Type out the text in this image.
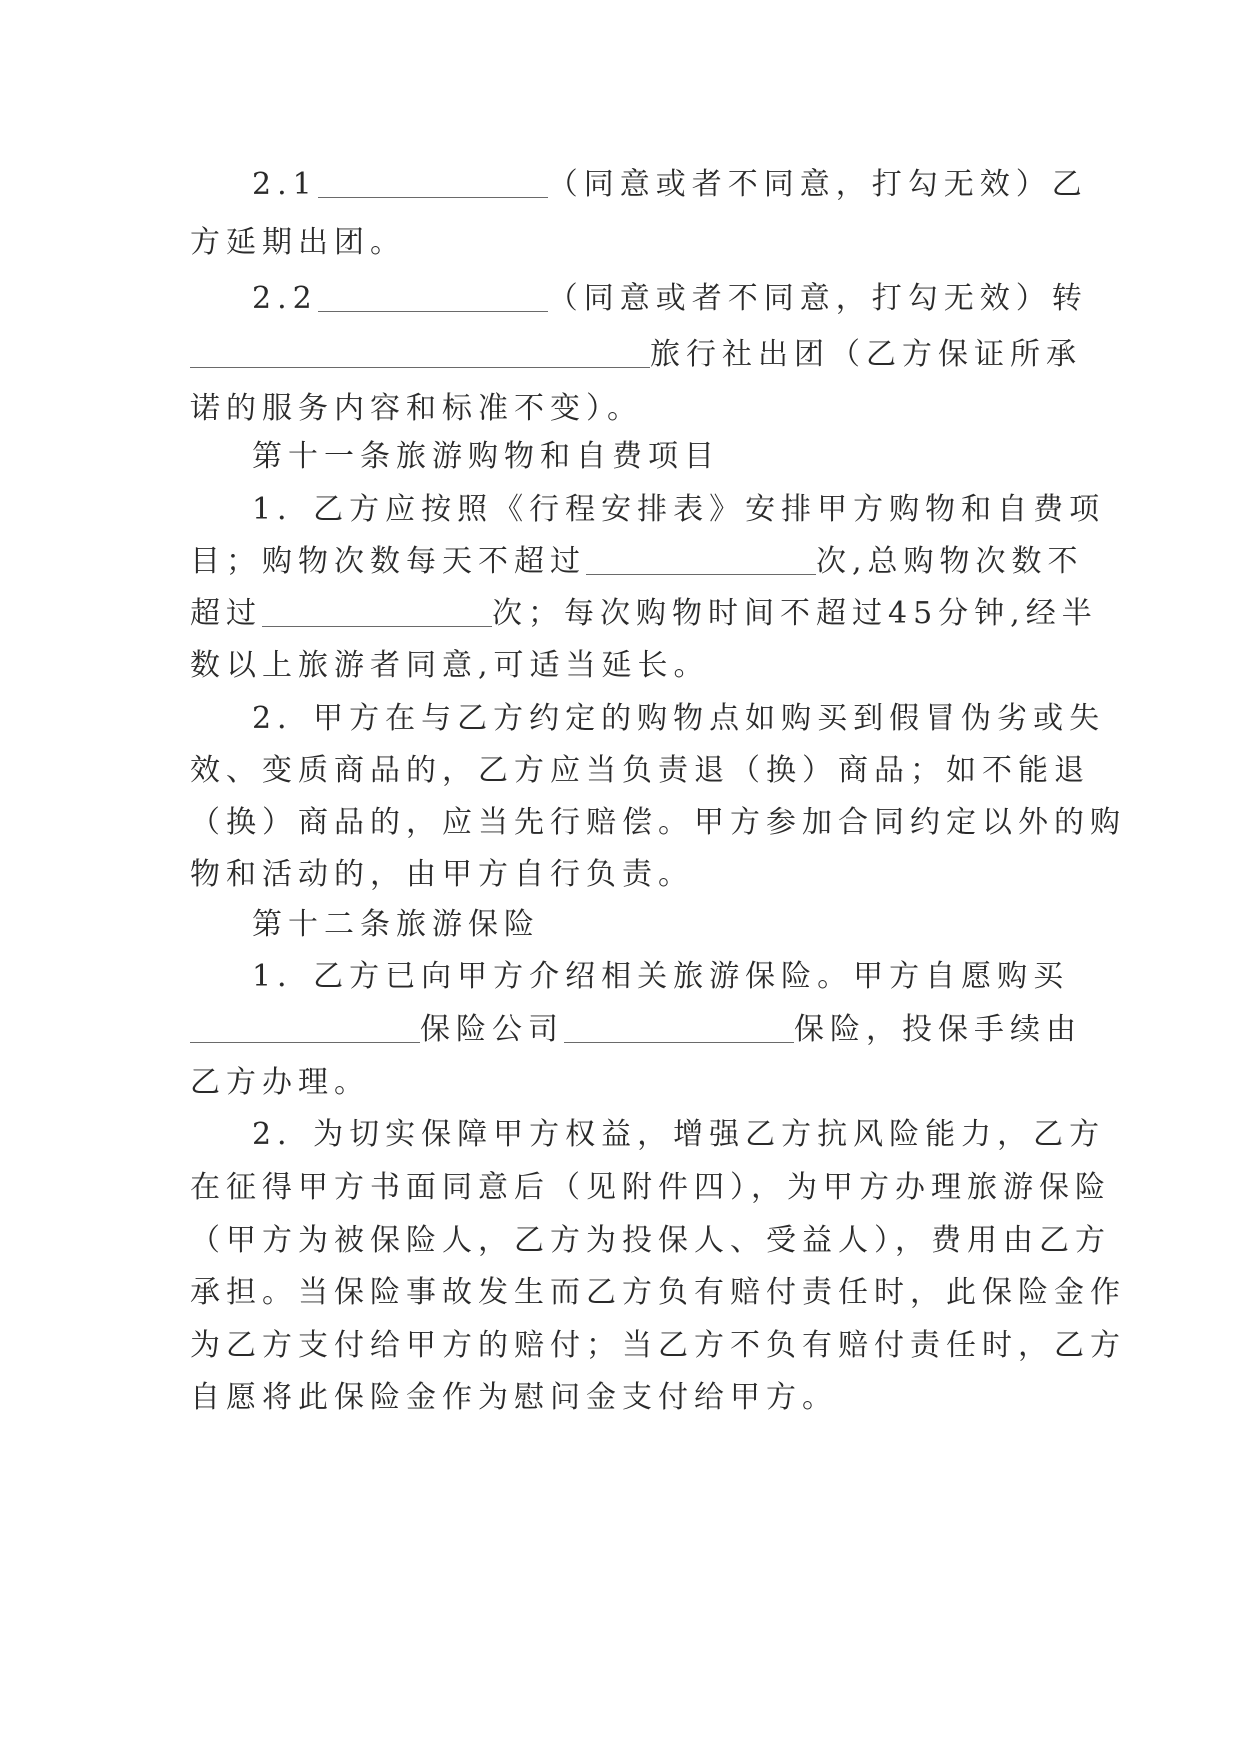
2.1	（同意或者不同意，打勾无效）乙
方延期出团。
2.2	（同意或者不同意，打勾无效）转
旅行社出团（乙方保证所承
诺的服务内容和标准不变）。
第十一条旅游购物和自费项目
1．乙方应按照《行程安排表》安排甲方购物和自费项
目；购物次数每天不超过	次,总购物次数不
超过	次；每次购物时间不超过45分钟,经半
数以上旅游者同意,可适当延长。
2．甲方在与乙方约定的购物点如购买到假冒伪劣或失
效、变质商品的，乙方应当负责退（换）商品；如不能退
（换）商品的，应当先行赔偿。甲方参加合同约定以外的购
物和活动的，由甲方自行负责。
第十二条旅游保险
1．乙方已向甲方介绍相关旅游保险。甲方自愿购买
保险公司	保险，投保手续由
乙方办理。
2．为切实保障甲方权益，增强乙方抗风险能力，乙方
在征得甲方书面同意后（见附件四），为甲方办理旅游保险
（甲方为被保险人，乙方为投保人、受益人），费用由乙方
承担。当保险事故发生而乙方负有赔付责任时，此保险金作
为乙方支付给甲方的赔付；当乙方不负有赔付责任时，乙方
自愿将此保险金作为慰问金支付给甲方。
